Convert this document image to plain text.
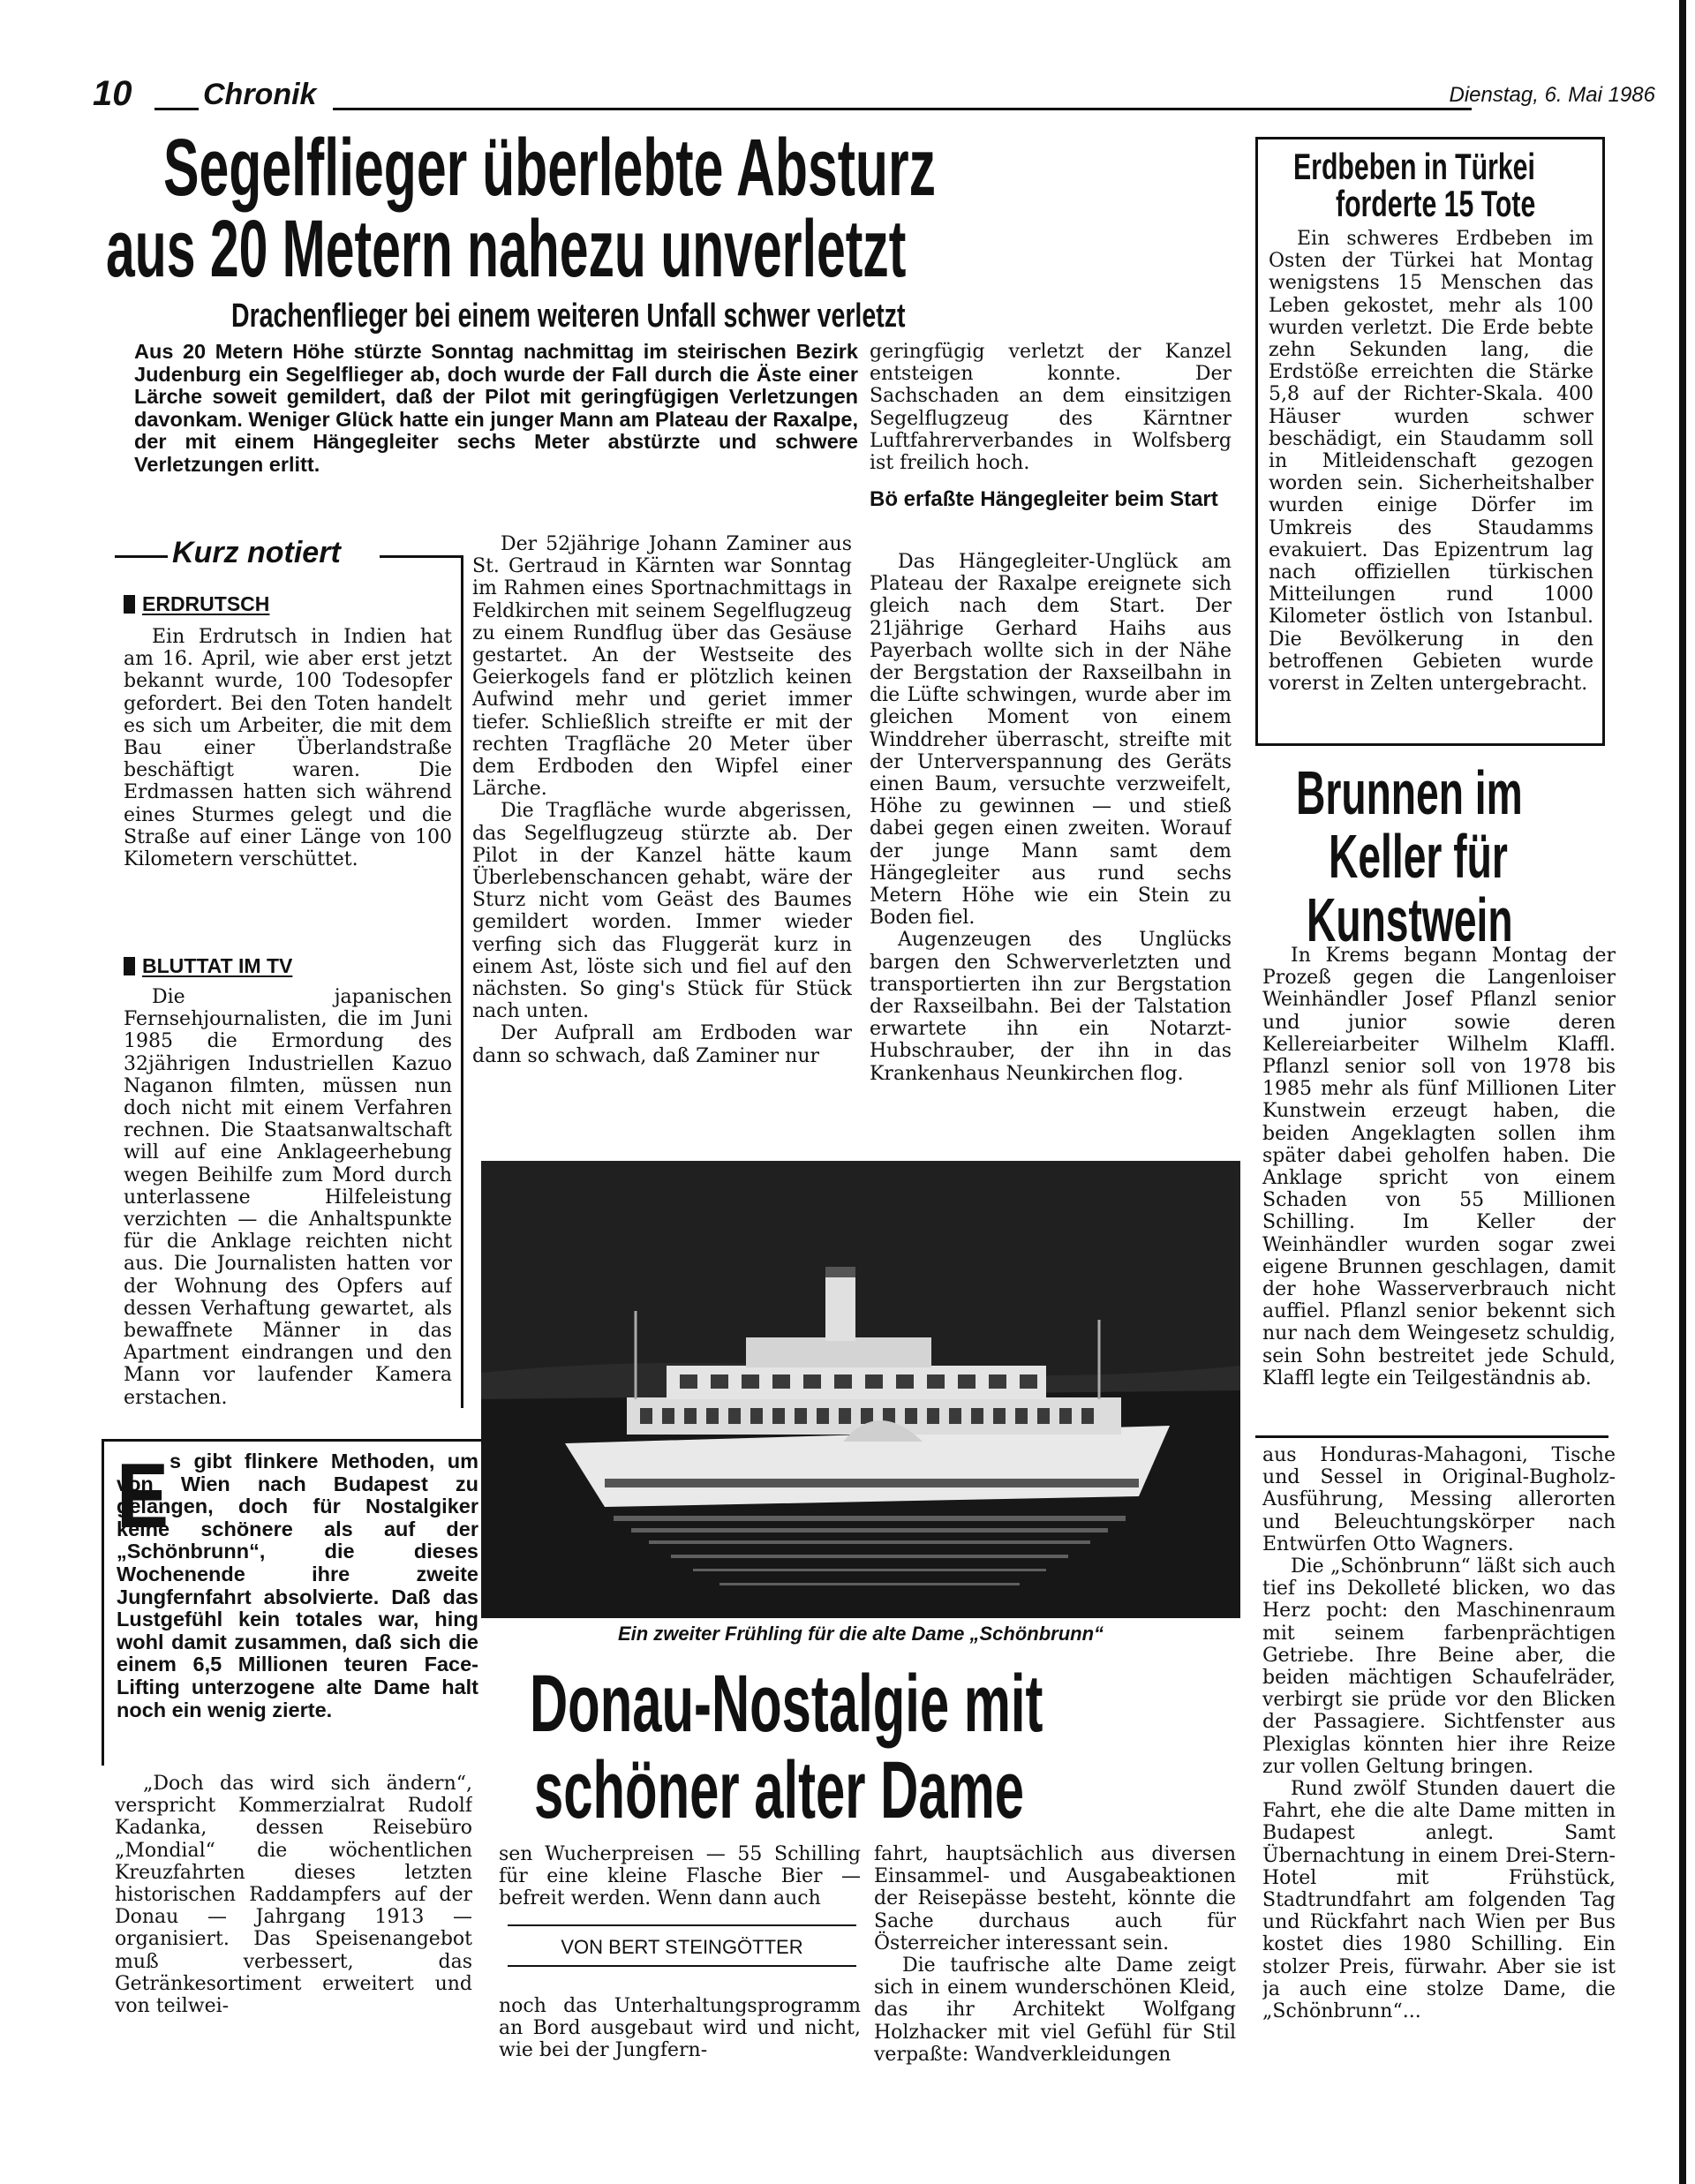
10 Chronik	Dienstag, 6. Mai 1986
Segelflieger überlebte Absturz
aus 20 Metern nahezu unverletzt
Drachenflieger bei einem weiteren Unfall schwer verletzt
Aus 20 Metern Höhe stürzte Sonntag nachmittag im steirischen Bezirk Judenburg ein Segelflieger ab, doch wurde der Fall durch die Äste einer Lärche soweit gemildert, daß der Pilot mit geringfügigen Verletzungen davonkam. Weniger Glück hatte ein junger Mann am Plateau der Raxalpe, der mit einem Hängegleiter sechs Meter abstürzte und schwere Verletzungen erlitt.
geringfügig verletzt der Kanzel entsteigen konnte. Der Sachschaden an dem einsitzigen Segelflugzeug des Kärntner Luftfahrerverbandes in Wolfsberg ist freilich hoch.
Bö erfaßte Hängegleiter beim Start

Das Hängegleiter-Unglück am Plateau der Raxalpe ereignete sich gleich nach dem Start. Der 21jährige Gerhard Haihs aus Payerbach wollte sich in der Nähe der Bergstation der Raxseilbahn in die Lüfte schwingen, wurde aber im gleichen Moment von einem Winddreher überrascht, streifte mit der Unterverspannung des Geräts einen Baum, versuchte verzweifelt, Höhe zu gewinnen — und stieß dabei gegen einen zweiten. Worauf der junge Mann samt dem Hängegleiter aus rund sechs Metern Höhe wie ein Stein zu Boden fiel.

Augenzeugen des Unglücks bargen den Schwerverletzten und transportierten ihn zur Bergstation der Raxseilbahn. Bei der Talstation erwartete ihn ein Notarzt-Hubschrauber, der ihn in das Krankenhaus Neunkirchen flog.

Der 52jährige Johann Zaminer aus St. Gertraud in Kärnten war Sonntag im Rahmen eines Sportnachmittags in Feldkirchen mit seinem Segelflugzeug zu einem Rundflug über das Gesäuse gestartet. An der Westseite des Geierkogels fand er plötzlich keinen Aufwind mehr und geriet immer tiefer. Schließlich streifte er mit der rechten Tragfläche 20 Meter über dem Erdboden den Wipfel einer Lärche.

Die Tragfläche wurde abgerissen, das Segelflugzeug stürzte ab. Der Pilot in der Kanzel hätte kaum Überlebenschancen gehabt, wäre der Sturz nicht vom Geäst des Baumes gemildert worden. Immer wieder verfing sich das Fluggerät kurz in einem Ast, löste sich und fiel auf den nächsten. So ging's Stück für Stück nach unten.

Der Aufprall am Erdboden war dann so schwach, daß Zaminer nur

Kurz notiert
ERDRUTSCH

Ein Erdrutsch in Indien hat am 16. April, wie aber erst jetzt bekannt wurde, 100 Todesopfer gefordert. Bei den Toten handelt es sich um Arbeiter, die mit dem Bau einer Überlandstraße beschäftigt waren. Die Erdmassen hatten sich während eines Sturmes gelegt und die Straße auf einer Länge von 100 Kilometern verschüttet.

BLUTTAT IM TV

Die japanischen Fernsehjournalisten, die im Juni 1985 die Ermordung des 32jährigen Industriellen Kazuo Naganon filmten, müssen nun doch nicht mit einem Verfahren rechnen. Die Staatsanwaltschaft will auf eine Anklageerhebung wegen Beihilfe zum Mord durch unterlassene Hilfeleistung verzichten — die Anhaltspunkte für die Anklage reichten nicht aus. Die Journalisten hatten vor der Wohnung des Opfers auf dessen Verhaftung gewartet, als bewaffnete Männer in das Apartment eindrangen und den Mann vor laufender Kamera erstachen.

Erdbeben in Türkei
forderte 15 Tote

Ein schweres Erdbeben im Osten der Türkei hat Montag wenigstens 15 Menschen das Leben gekostet, mehr als 100 wurden verletzt. Die Erde bebte zehn Sekunden lang, die Erdstöße erreichten die Stärke 5,8 auf der Richter-Skala. 400 Häuser wurden schwer beschädigt, ein Staudamm soll in Mitleidenschaft gezogen worden sein. Sicherheitshalber wurden einige Dörfer im Umkreis des Staudamms evakuiert. Das Epizentrum lag nach offiziellen türkischen Mitteilungen rund 1000 Kilometer östlich von Istanbul. Die Bevölkerung in den betroffenen Gebieten wurde vorerst in Zelten untergebracht.

Brunnen im
Keller für
Kunstwein

In Krems begann Montag der Prozeß gegen die Langenloiser Weinhändler Josef Pflanzl senior und junior sowie deren Kellereiarbeiter Wilhelm Klaffl. Pflanzl senior soll von 1978 bis 1985 mehr als fünf Millionen Liter Kunstwein erzeugt haben, die beiden Angeklagten sollen ihm später dabei geholfen haben. Die Anklage spricht von einem Schaden von 55 Millionen Schilling. Im Keller der Weinhändler wurden sogar zwei eigene Brunnen geschlagen, damit der hohe Wasserverbrauch nicht auffiel. Pflanzl senior bekennt sich nur nach dem Weingesetz schuldig, sein Sohn bestreitet jede Schuld, Klaffl legte ein Teilgeständnis ab.

Ein zweiter Frühling für die alte Dame „Schönbrunn“
Donau-Nostalgie mit
schöner alter Dame
E s gibt flinkere Methoden, um von Wien nach Budapest zu gelangen, doch für Nostalgiker keine schönere als auf der „Schönbrunn“, die dieses Wochenende ihre zweite Jungfernfahrt absolvierte. Daß das Lustgefühl kein totales war, hing wohl damit zusammen, daß sich die einem 6,5 Millionen teuren Face-Lifting unterzogene alte Dame halt noch ein wenig zierte.

„Doch das wird sich ändern“, verspricht Kommerzialrat Rudolf Kadanka, dessen Reisebüro „Mondial“ die wöchentlichen Kreuzfahrten dieses letzten historischen Raddampfers auf der Donau — Jahrgang 1913 — organisiert. Das Speisenangebot muß verbessert, das Getränkesortiment erweitert und von teilwei-

sen Wucherpreisen — 55 Schilling für eine kleine Flasche Bier — befreit werden. Wenn dann auch
VON BERT STEINGÖTTER
noch das Unterhaltungsprogramm an Bord ausgebaut wird und nicht, wie bei der Jungfern-
fahrt, hauptsächlich aus diversen Einsammel- und Ausgabeaktionen der Reisepässe besteht, könnte die Sache durchaus auch für Österreicher interessant sein.

Die taufrische alte Dame zeigt sich in einem wunderschönen Kleid, das ihr Architekt Wolfgang Holzhacker mit viel Gefühl für Stil verpaßte: Wandverkleidungen

aus Honduras-Mahagoni, Tische und Sessel in Original-Bugholz-Ausführung, Messing allerorten und Beleuchtungskörper nach Entwürfen Otto Wagners.

Die „Schönbrunn“ läßt sich auch tief ins Dekolleté blicken, wo das Herz pocht: den Maschinenraum mit seinem farbenprächtigen Getriebe. Ihre Beine aber, die beiden mächtigen Schaufelräder, verbirgt sie prüde vor den Blicken der Passagiere. Sichtfenster aus Plexiglas könnten hier ihre Reize zur vollen Geltung bringen.

Rund zwölf Stunden dauert die Fahrt, ehe die alte Dame mitten in Budapest anlegt. Samt Übernachtung in einem Drei-Stern-Hotel mit Frühstück, Stadtrundfahrt am folgenden Tag und Rückfahrt nach Wien per Bus kostet dies 1980 Schilling. Ein stolzer Preis, fürwahr. Aber sie ist ja auch eine stolze Dame, die „Schönbrunn“...
